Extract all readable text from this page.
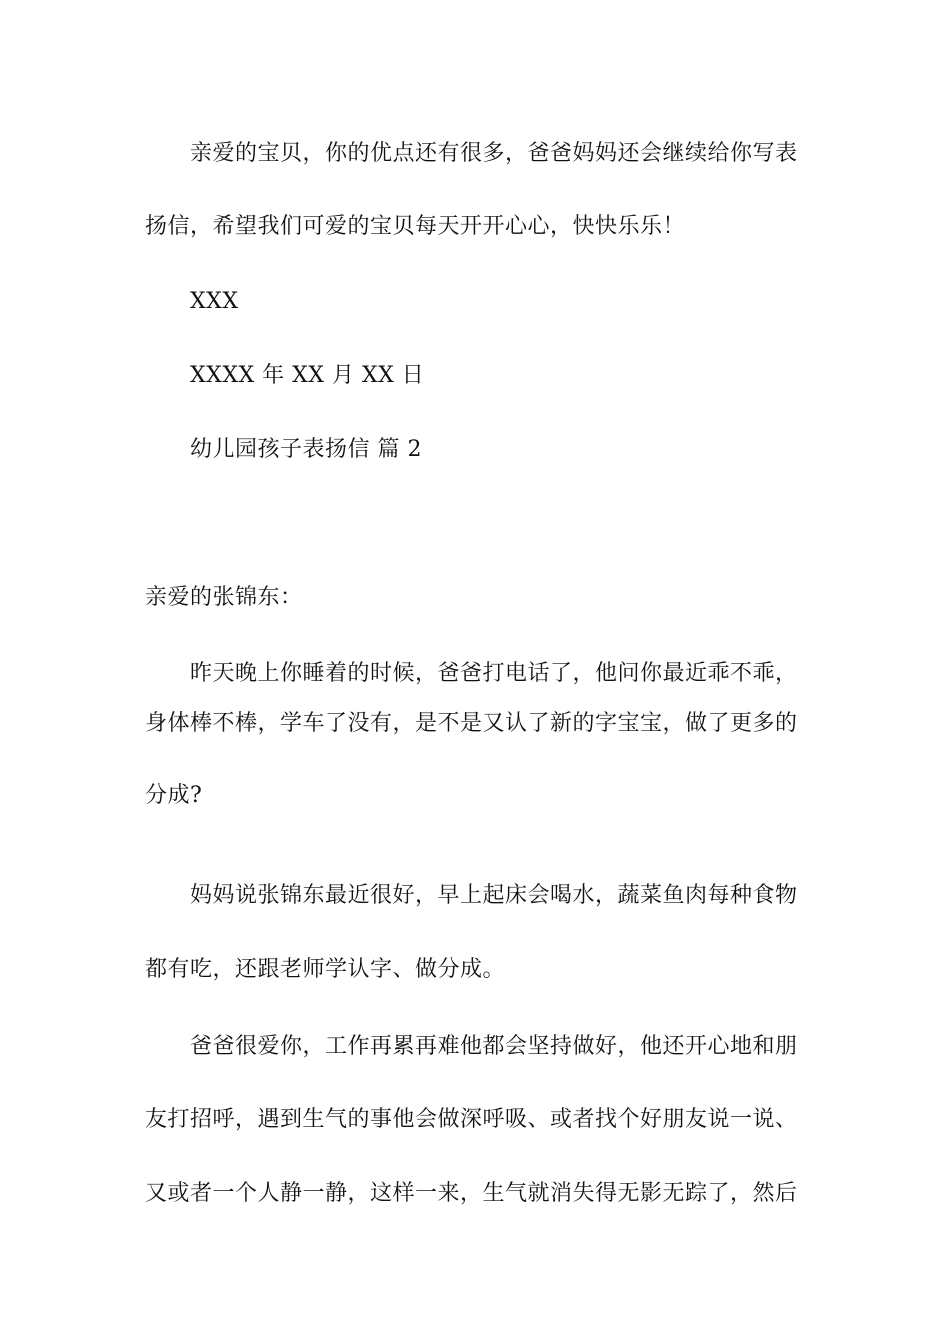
亲爱的宝贝，你的优点还有很多，爸爸妈妈还会继续给你写表
扬信，希望我们可爱的宝贝每天开开心心，快快乐乐！
XXX
XXXX 年 XX 月 XX 日
幼儿园孩子表扬信 篇 2
亲爱的张锦东：
昨天晚上你睡着的时候，爸爸打电话了，他问你最近乖不乖，
身体棒不棒，学车了没有，是不是又认了新的字宝宝，做了更多的
分成?
妈妈说张锦东最近很好，早上起床会喝水，蔬菜鱼肉每种食物
都有吃，还跟老师学认字、做分成。
爸爸很爱你，工作再累再难他都会坚持做好，他还开心地和朋
友打招呼，遇到生气的事他会做深呼吸、或者找个好朋友说一说、
又或者一个人静一静，这样一来，生气就消失得无影无踪了，然后
